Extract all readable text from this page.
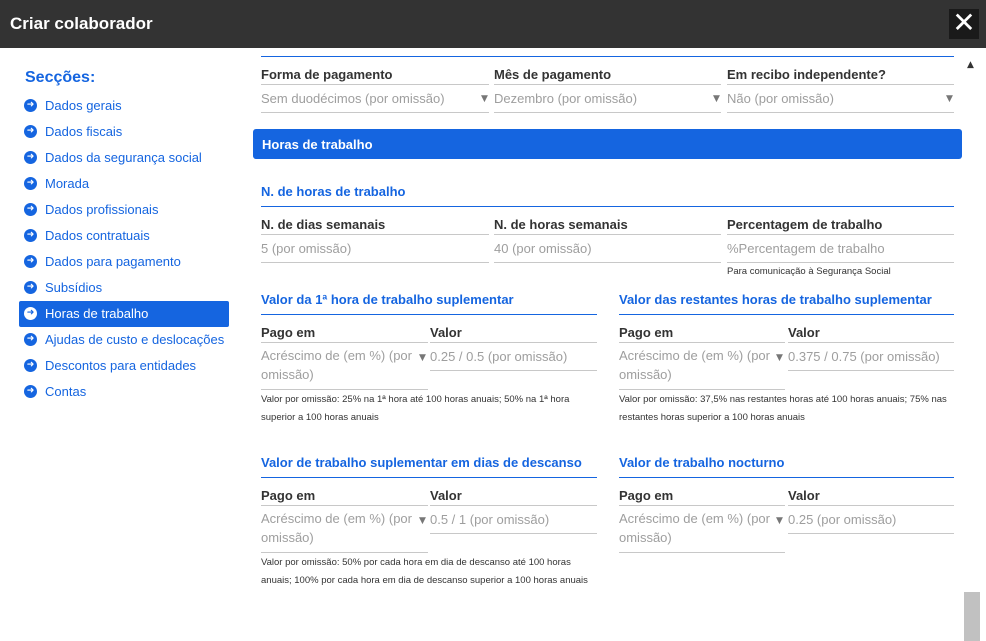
Criar colaborador	✕
Secções:
➜ Dados gerais
➜ Dados fiscais
➜ Dados da segurança social
➜ Morada
➜ Dados profissionais
➜ Dados contratuais
➜ Dados para pagamento
➜ Subsídios
➜ Horas de trabalho
➜ Ajudas de custo e deslocações
➜ Descontos para entidades
➜ Contas
Forma de pagamento
Sem duodécimos (por omissão)	▼
Mês de pagamento
Dezembro (por omissão)	▼
Em recibo independente?
Não (por omissão)	▼
Horas de trabalho
N. de horas de trabalho
N. de dias semanais
5 (por omissão)
N. de horas semanais
40 (por omissão)
Percentagem de trabalho
%Percentagem de trabalho
Para comunicação à Segurança Social
Valor da 1ª hora de trabalho suplementar
Pago em
Acréscimo de (em %) (por omissão)
▼
Valor
0.25 / 0.5 (por omissão)
Valor por omissão: 25% na 1ª hora até 100 horas anuais; 50% na 1ª hora superior a 100 horas anuais
Valor das restantes horas de trabalho suplementar
Pago em
Acréscimo de (em %) (por omissão)
▼
Valor
0.375 / 0.75 (por omissão)
Valor por omissão: 37,5% nas restantes horas até 100 horas anuais; 75% nas restantes horas superior a 100 horas anuais
Valor de trabalho suplementar em dias de descanso
Pago em
Acréscimo de (em %) (por omissão)
▼
Valor
0.5 / 1 (por omissão)
Valor por omissão: 50% por cada hora em dia de descanso até 100 horas anuais; 100% por cada hora em dia de descanso superior a 100 horas anuais
Valor de trabalho nocturno
Pago em
Acréscimo de (em %) (por omissão)
▼
Valor
0.25 (por omissão)
▲
